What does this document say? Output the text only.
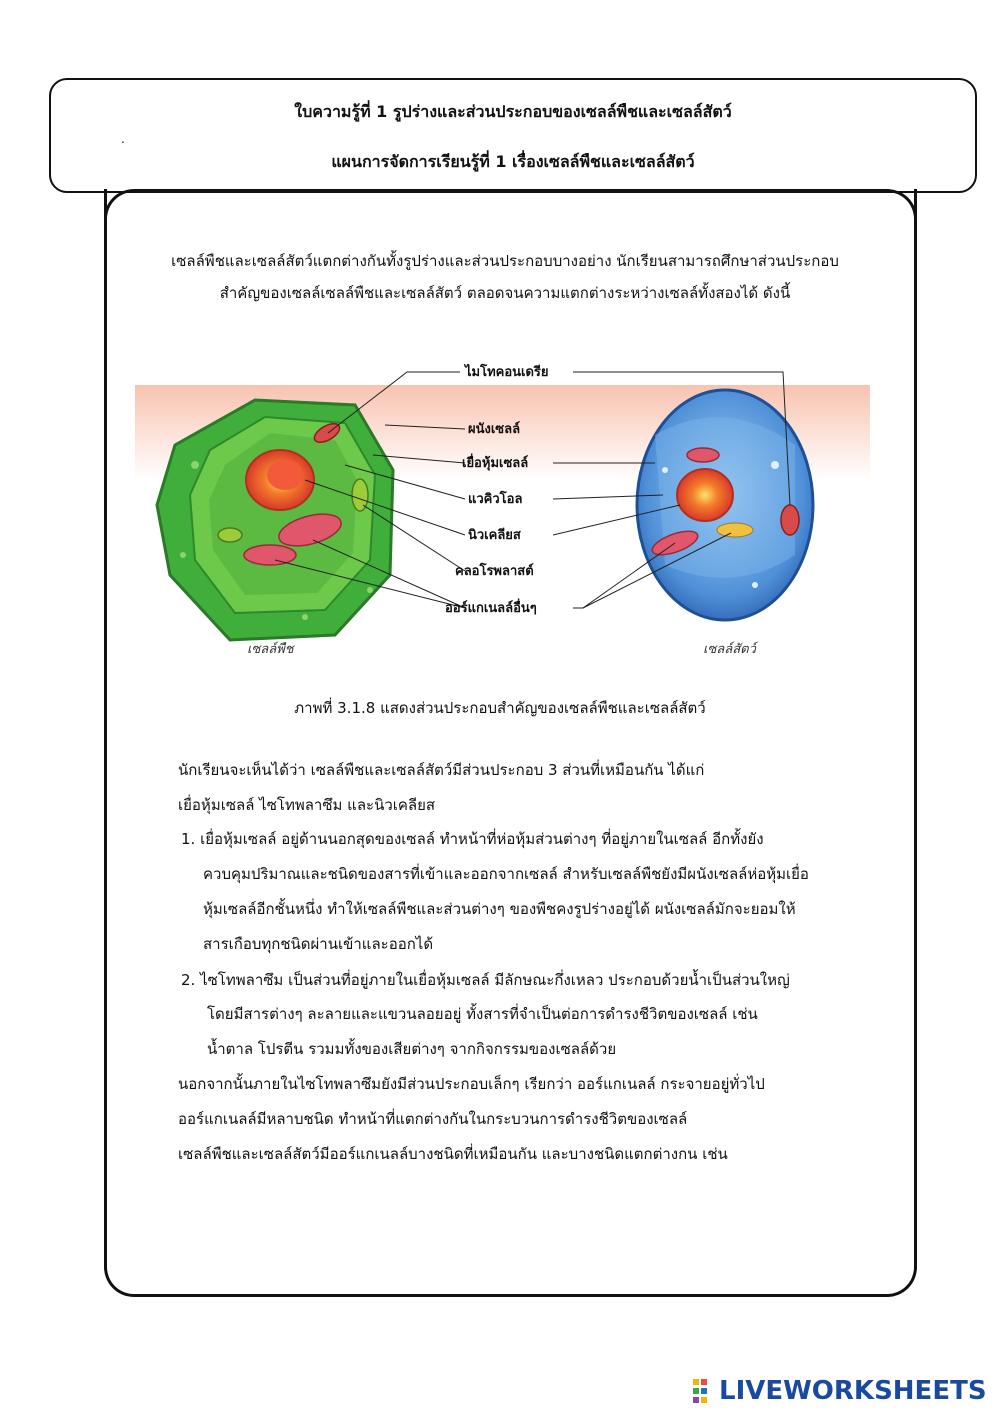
ใบความรู้ที่ 1 รูปร่างและส่วนประกอบของเซลล์พืชและเซลล์สัตว์
.
แผนการจัดการเรียนรู้ที่ 1 เรื่องเซลล์พืชและเซลล์สัตว์
เซลล์พืชและเซลล์สัตว์แตกต่างกันทั้งรูปร่างและส่วนประกอบบางอย่าง นักเรียนสามารถศึกษาส่วนประกอบ
สำคัญของเซลล์เซลล์พืชและเซลล์สัตว์ ตลอดจนความแตกต่างระหว่างเซลล์ทั้งสองได้ ดังนี้
ไมโทคอนเดรีย
ผนังเซลล์
เยื่อหุ้มเซลล์
แวคิวโอล
นิวเคลียส
คลอโรพลาสต์
ออร์แกเนลล์อื่นๆ
เซลล์พืช	เซลล์สัตว์
ภาพที่ 3.1.8 แสดงส่วนประกอบสำคัญของเซลล์พืชและเซลล์สัตว์
นักเรียนจะเห็นได้ว่า เซลล์พืชและเซลล์สัตว์มีส่วนประกอบ 3 ส่วนที่เหมือนกัน ได้แก่
เยื่อหุ้มเซลล์ ไซโทพลาซึม และนิวเคลียส
1. เยื่อหุ้มเซลล์ อยู่ด้านนอกสุดของเซลล์ ทำหน้าที่ห่อหุ้มส่วนต่างๆ ที่อยู่ภายในเซลล์ อีกทั้งยัง
ควบคุมปริมาณและชนิดของสารที่เข้าและออกจากเซลล์ สำหรับเซลล์พืชยังมีผนังเซลล์ห่อหุ้มเยื่อ
หุ้มเซลล์อีกชั้นหนึ่ง ทำให้เซลล์พืชและส่วนต่างๆ ของพืชคงรูปร่างอยู่ได้ ผนังเซลล์มักจะยอมให้
สารเกือบทุกชนิดผ่านเข้าและออกได้
2. ไซโทพลาซึม เป็นส่วนที่อยู่ภายในเยื่อหุ้มเซลล์ มีลักษณะกึ่งเหลว ประกอบด้วยน้ำเป็นส่วนใหญ่
โดยมีสารต่างๆ ละลายและแขวนลอยอยู่ ทั้งสารที่จำเป็นต่อการดำรงชีวิตของเซลล์ เช่น
น้ำตาล โปรตีน รวมมทั้งของเสียต่างๆ จากกิจกรรมของเซลล์ด้วย
นอกจากนั้นภายในไซโทพลาซึมยังมีส่วนประกอบเล็กๆ เรียกว่า ออร์แกเนลล์ กระจายอยู่ทั่วไป
ออร์แกเนลล์มีหลาบชนิด ทำหน้าที่แตกต่างกันในกระบวนการดำรงชีวิตของเซลล์
เซลล์พืชและเซลล์สัตว์มีออร์แกเนลล์บางชนิดที่เหมือนกัน และบางชนิดแตกต่างกน เช่น
LIVEWORKSHEETS
